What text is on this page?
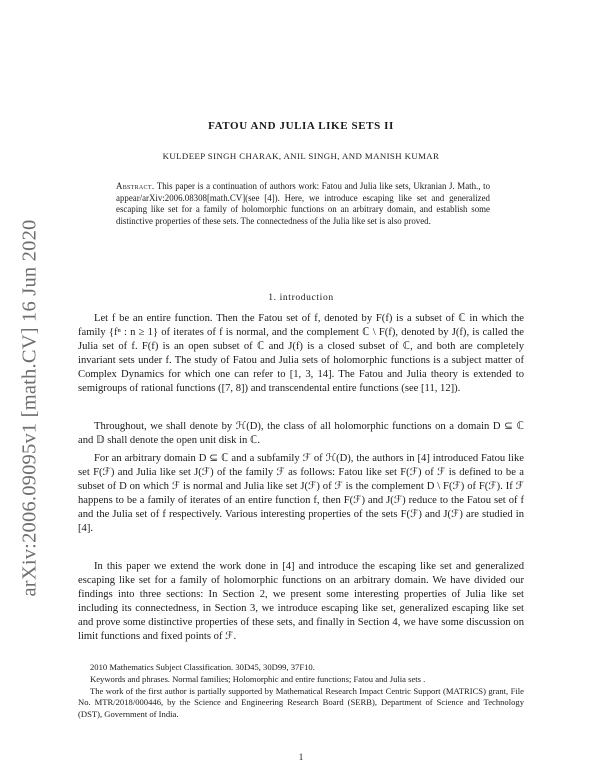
arXiv:2006.09095v1 [math.CV] 16 Jun 2020
FATOU AND JULIA LIKE SETS II
KULDEEP SINGH CHARAK, ANIL SINGH, AND MANISH KUMAR
Abstract. This paper is a continuation of authors work: Fatou and Julia like sets, Ukranian J. Math., to appear/arXiv:2006.08308[math.CV](see [4]). Here, we introduce escaping like set and generalized escaping like set for a family of holomorphic functions on an arbitrary domain, and establish some distinctive properties of these sets. The connectedness of the Julia like set is also proved.
1. introduction
Let f be an entire function. Then the Fatou set of f, denoted by F(f) is a subset of ℂ in which the family {fⁿ : n ≥ 1} of iterates of f is normal, and the complement ℂ \ F(f), denoted by J(f), is called the Julia set of f. F(f) is an open subset of ℂ and J(f) is a closed subset of ℂ, and both are completely invariant sets under f. The study of Fatou and Julia sets of holomorphic functions is a subject matter of Complex Dynamics for which one can refer to [1, 3, 14]. The Fatou and Julia theory is extended to semigroups of rational functions ([7, 8]) and transcendental entire functions (see [11, 12]).
Throughout, we shall denote by ℋ(D), the class of all holomorphic functions on a domain D ⊆ ℂ and 𝔻 shall denote the open unit disk in ℂ.
For an arbitrary domain D ⊆ ℂ and a subfamily ℱ of ℋ(D), the authors in [4] introduced Fatou like set F(ℱ) and Julia like set J(ℱ) of the family ℱ as follows: Fatou like set F(ℱ) of ℱ is defined to be a subset of D on which ℱ is normal and Julia like set J(ℱ) of ℱ is the complement D \ F(ℱ) of F(ℱ). If ℱ happens to be a family of iterates of an entire function f, then F(ℱ) and J(ℱ) reduce to the Fatou set of f and the Julia set of f respectively. Various interesting properties of the sets F(ℱ) and J(ℱ) are studied in [4].
In this paper we extend the work done in [4] and introduce the escaping like set and generalized escaping like set for a family of holomorphic functions on an arbitrary domain. We have divided our findings into three sections: In Section 2, we present some interesting properties of Julia like set including its connectedness, in Section 3, we introduce escaping like set, generalized escaping like set and prove some distinctive properties of these sets, and finally in Section 4, we have some discussion on limit functions and fixed points of ℱ.
2010 Mathematics Subject Classification. 30D45, 30D99, 37F10.
Keywords and phrases. Normal families; Holomorphic and entire functions; Fatou and Julia sets .
The work of the first author is partially supported by Mathematical Research Impact Centric Support (MATRICS) grant, File No. MTR/2018/000446, by the Science and Engineering Research Board (SERB), Department of Science and Technology (DST), Government of India.
1
